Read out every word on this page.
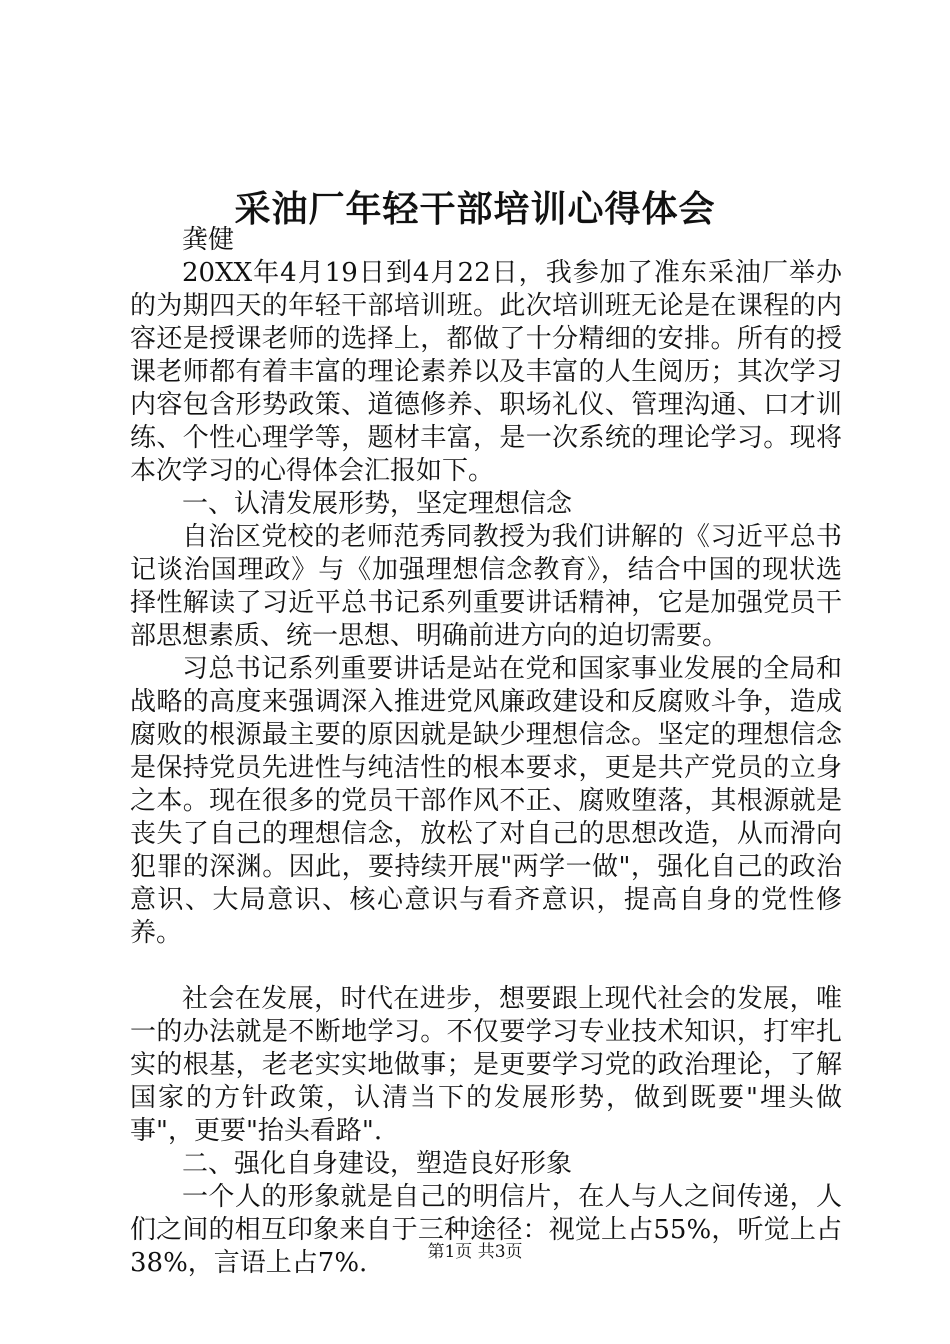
采油厂年轻干部培训心得体会

龚健

20XX年4月19日到4月22日，我参加了准东采油厂举办的为期四天的年轻干部培训班。此次培训班无论是在课程的内容还是授课老师的选择上，都做了十分精细的安排。所有的授课老师都有着丰富的理论素养以及丰富的人生阅历；其次学习内容包含形势政策、道德修养、职场礼仪、管理沟通、口才训练、个性心理学等，题材丰富，是一次系统的理论学习。现将本次学习的心得体会汇报如下。

一、认清发展形势，坚定理想信念

自治区党校的老师范秀同教授为我们讲解的《习近平总书记谈治国理政》与《加强理想信念教育》，结合中国的现状选择性解读了习近平总书记系列重要讲话精神，它是加强党员干部思想素质、统一思想、明确前进方向的迫切需要。

习总书记系列重要讲话是站在党和国家事业发展的全局和战略的高度来强调深入推进党风廉政建设和反腐败斗争，造成腐败的根源最主要的原因就是缺少理想信念。坚定的理想信念是保持党员先进性与纯洁性的根本要求，更是共产党员的立身之本。现在很多的党员干部作风不正、腐败堕落，其根源就是丧失了自己的理想信念，放松了对自己的思想改造，从而滑向犯罪的深渊。因此，要持续开展"两学一做"，强化自己的政治意识、大局意识、核心意识与看齐意识，提高自身的党性修养。

社会在发展，时代在进步，想要跟上现代社会的发展，唯一的办法就是不断地学习。不仅要学习专业技术知识，打牢扎实的根基，老老实实地做事；是更要学习党的政治理论，了解国家的方针政策，认清当下的发展形势，做到既要"埋头做事"，更要"抬头看路".

二、强化自身建设，塑造良好形象

一个人的形象就是自己的明信片，在人与人之间传递，人们之间的相互印象来自于三种途径：视觉上占55%，听觉上占38%，言语上占7%.	第1页 共3页
